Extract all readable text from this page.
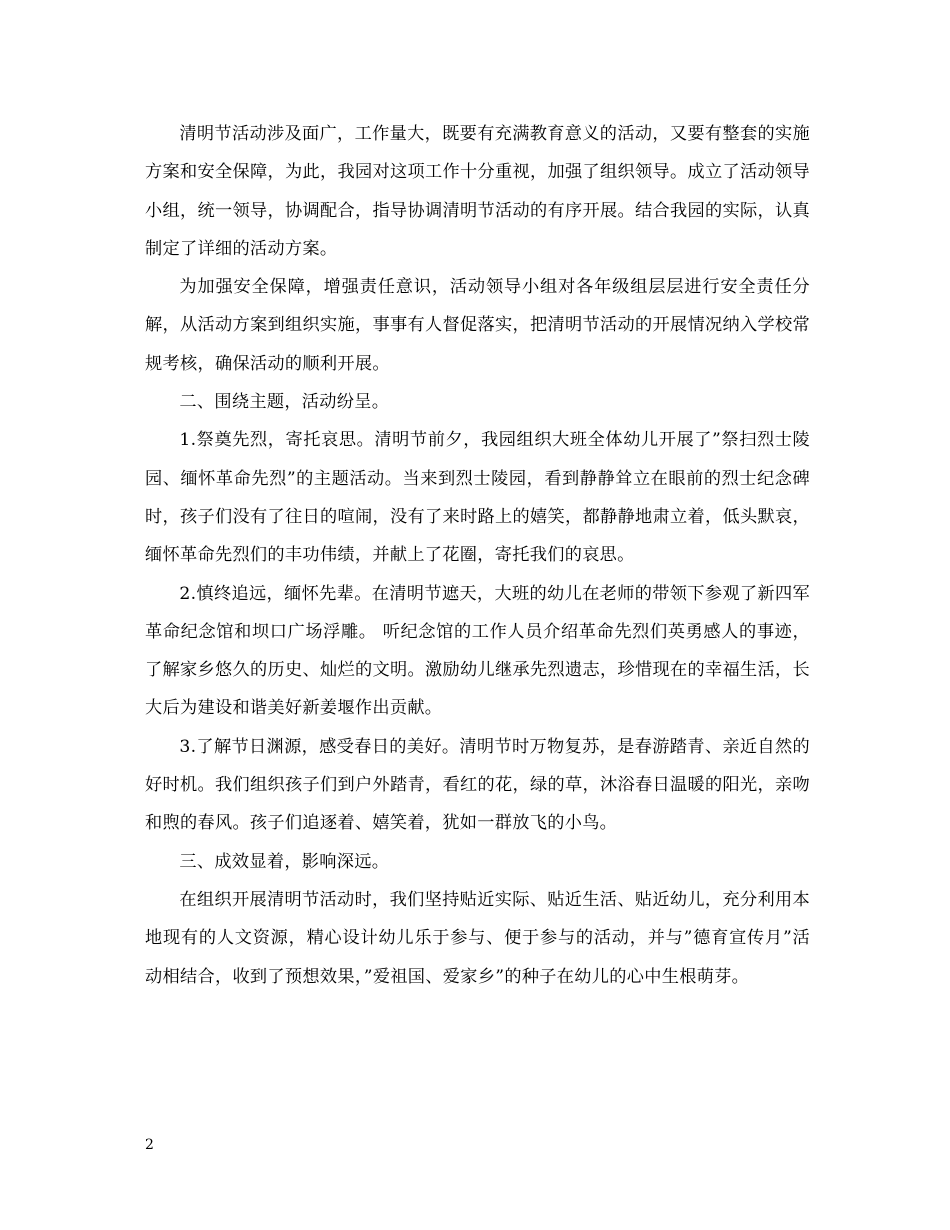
清明节活动涉及面广，工作量大，既要有充满教育意义的活动，又要有整套的实施方案和安全保障，为此，我园对这项工作十分重视，加强了组织领导。成立了活动领导小组，统一领导，协调配合，指导协调清明节活动的有序开展。结合我园的实际，认真制定了详细的活动方案。

为加强安全保障，增强责任意识，活动领导小组对各年级组层层进行安全责任分解，从活动方案到组织实施，事事有人督促落实，把清明节活动的开展情况纳入学校常规考核，确保活动的顺利开展。

二、围绕主题，活动纷呈。

1.祭奠先烈，寄托哀思。清明节前夕，我园组织大班全体幼儿开展了”祭扫烈士陵园、缅怀革命先烈”的主题活动。当来到烈士陵园，看到静静耸立在眼前的烈士纪念碑时，孩子们没有了往日的喧闹，没有了来时路上的嬉笑，都静静地肃立着，低头默哀，缅怀革命先烈们的丰功伟绩，并献上了花圈，寄托我们的哀思。

2.慎终追远，缅怀先辈。在清明节遮天，大班的幼儿在老师的带领下参观了新四军革命纪念馆和坝口广场浮雕。 听纪念馆的工作人员介绍革命先烈们英勇感人的事迹，了解家乡悠久的历史、灿烂的文明。激励幼儿继承先烈遗志，珍惜现在的幸福生活，长大后为建设和谐美好新姜堰作出贡献。

3.了解节日渊源，感受春日的美好。清明节时万物复苏，是春游踏青、亲近自然的好时机。我们组织孩子们到户外踏青，看红的花，绿的草，沐浴春日温暖的阳光，亲吻和煦的春风。孩子们追逐着、嬉笑着，犹如一群放飞的小鸟。

三、成效显着，影响深远。

在组织开展清明节活动时，我们坚持贴近实际、贴近生活、贴近幼儿，充分利用本地现有的人文资源，精心设计幼儿乐于参与、便于参与的活动，并与”德育宣传月”活动相结合，收到了预想效果，”爱祖国、爱家乡”的种子在幼儿的心中生根萌芽。

2
